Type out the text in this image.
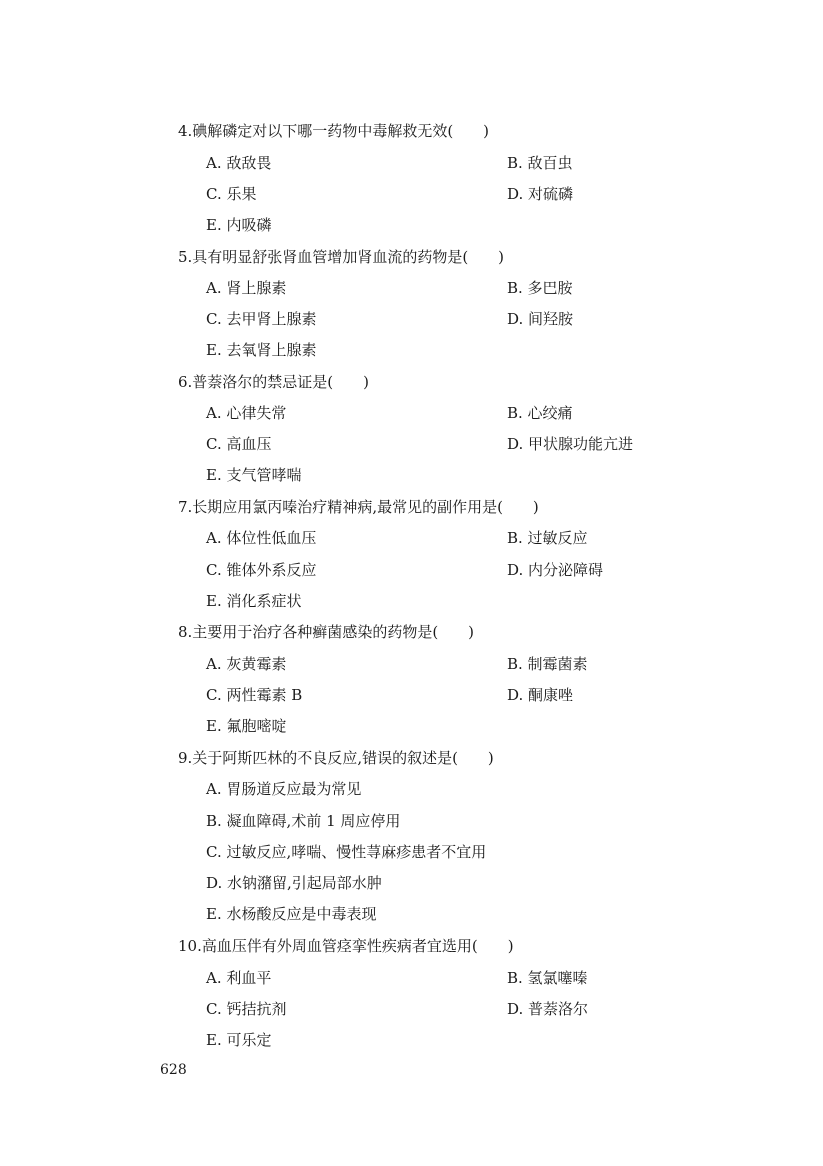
4.碘解磷定对以下哪一药物中毒解救无效(　　)
A. 敌敌畏	B. 敌百虫
C. 乐果	D. 对硫磷
E. 内吸磷
5.具有明显舒张肾血管增加肾血流的药物是(　　)
A. 肾上腺素	B. 多巴胺
C. 去甲肾上腺素	D. 间羟胺
E. 去氧肾上腺素
6.普萘洛尔的禁忌证是(　　)
A. 心律失常	B. 心绞痛
C. 高血压	D. 甲状腺功能亢进
E. 支气管哮喘
7.长期应用氯丙嗪治疗精神病,最常见的副作用是(　　)
A. 体位性低血压	B. 过敏反应
C. 锥体外系反应	D. 内分泌障碍
E. 消化系症状
8.主要用于治疗各种癣菌感染的药物是(　　)
A. 灰黄霉素	B. 制霉菌素
C. 两性霉素 B	D. 酮康唑
E. 氟胞嘧啶
9.关于阿斯匹林的不良反应,错误的叙述是(　　)
A. 胃肠道反应最为常见
B. 凝血障碍,术前 1 周应停用
C. 过敏反应,哮喘、慢性荨麻疹患者不宜用
D. 水钠潴留,引起局部水肿
E. 水杨酸反应是中毒表现
10.高血压伴有外周血管痉挛性疾病者宜选用(　　)
A. 利血平	B. 氢氯噻嗪
C. 钙拮抗剂	D. 普萘洛尔
E. 可乐定
628
